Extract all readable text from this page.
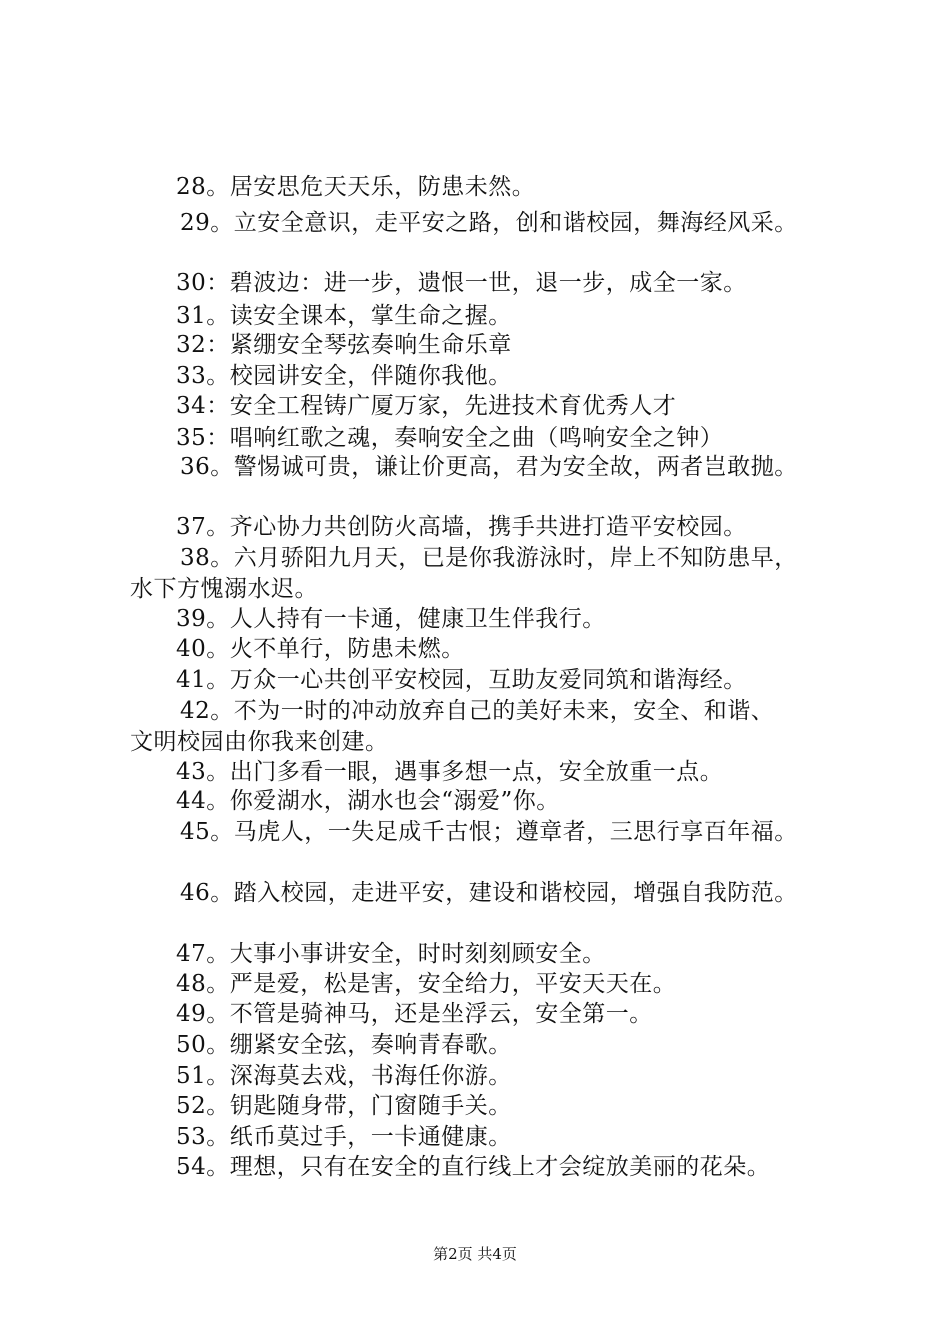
28。居安思危天天乐，防患未然。
29。立安全意识，走平安之路，创和谐校园，舞海经风采。
30：碧波边：进一步，遗恨一世，退一步，成全一家。
31。读安全课本，掌生命之握。
32：紧绷安全琴弦奏响生命乐章
33。校园讲安全，伴随你我他。
34：安全工程铸广厦万家，先进技术育优秀人才
35：唱响红歌之魂，奏响安全之曲（鸣响安全之钟）
36。警惕诚可贵，谦让价更高，君为安全故，两者岂敢抛。
37。齐心协力共创防火高墙，携手共进打造平安校园。
38。六月骄阳九月天，已是你我游泳时，岸上不知防患早，
水下方愧溺水迟。
39。人人持有一卡通，健康卫生伴我行。
40。火不单行，防患未燃。
41。万众一心共创平安校园，互助友爱同筑和谐海经。
42。不为一时的冲动放弃自己的美好未来，安全、和谐、
文明校园由你我来创建。
43。出门多看一眼，遇事多想一点，安全放重一点。
44。你爱湖水，湖水也会“溺爱”你。
45。马虎人，一失足成千古恨；遵章者，三思行享百年福。
46。踏入校园，走进平安，建设和谐校园，增强自我防范。
47。大事小事讲安全，时时刻刻顾安全。
48。严是爱，松是害，安全给力，平安天天在。
49。不管是骑神马，还是坐浮云，安全第一。
50。绷紧安全弦，奏响青春歌。
51。深海莫去戏，书海任你游。
52。钥匙随身带，门窗随手关。
53。纸币莫过手，一卡通健康。
54。理想，只有在安全的直行线上才会绽放美丽的花朵。
第2页 共4页
